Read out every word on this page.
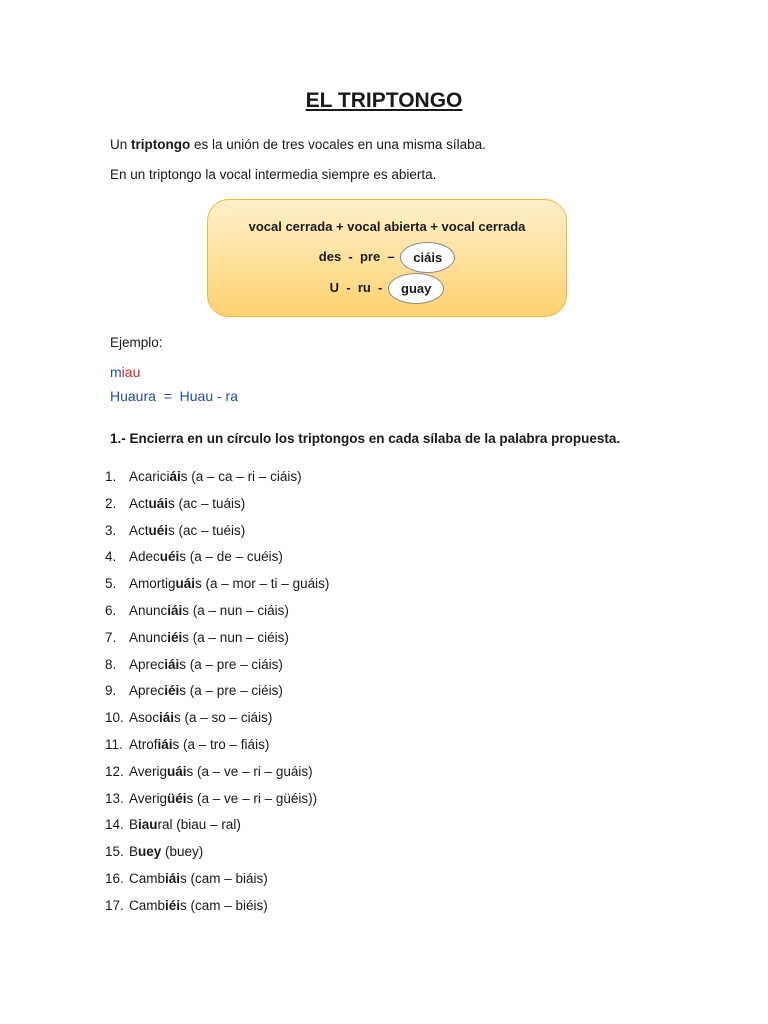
EL TRIPTONGO
Un triptongo es la unión de tres vocales en una misma sílaba.
En un triptongo la vocal intermedia siempre es abierta.
vocal cerrada + vocal abierta + vocal cerrada
des  -  pre  – ciáis
U  -  ru  - guay
Ejemplo:
miau
Huaura  =  Huau - ra
1.- Encierra en un círculo los triptongos en cada sílaba de la palabra propuesta.
1. Acariciáis (a – ca – ri – ciáis)
2. Actuáis (ac – tuáis)
3. Actuéis (ac – tuéis)
4. Adecuéis (a – de – cuéis)
5. Amortiguáis (a – mor – ti – guáis)
6. Anunciáis (a – nun – ciáis)
7. Anunciéis (a – nun – ciéis)
8. Apreciáis (a – pre – ciáis)
9. Apreciéis (a – pre – ciéis)
10. Asociáis (a – so – ciáis)
11. Atrofiáis (a – tro – fiáis)
12. Averiguáis (a – ve – ri – guáis)
13. Averigüéis (a – ve – ri – güéis))
14. Biaural (biau – ral)
15. Buey (buey)
16. Cambiáis (cam – biáis)
17. Cambiéis (cam – biéis)
